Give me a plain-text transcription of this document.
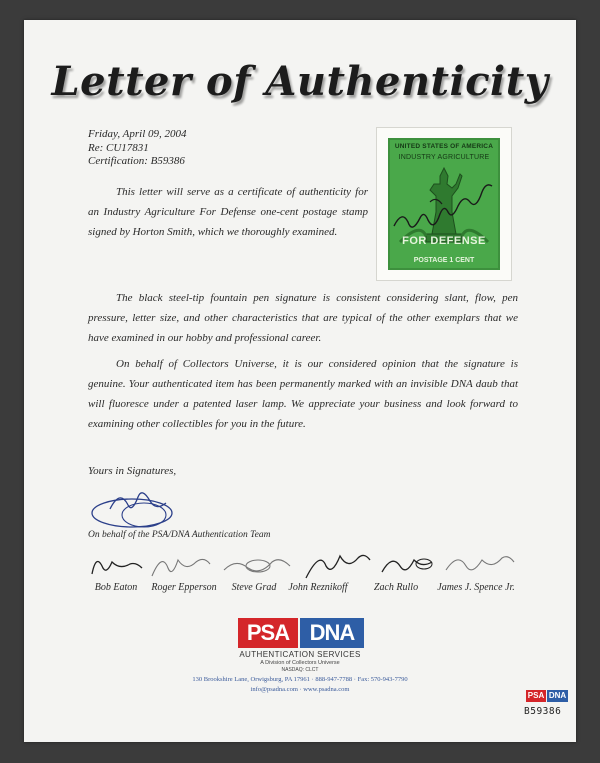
Letter of Authenticity
Friday, April 09, 2004
Re: CU17831
Certification: B59386
UNITED STATES OF AMERICA
INDUSTRY AGRICULTURE
FOR DEFENSE
POSTAGE 1 CENT
This letter will serve as a certificate of authenticity for an Industry Agriculture For Defense one-cent postage stamp signed by Horton Smith, which we thoroughly examined.
The black steel-tip fountain pen signature is consistent considering slant, flow, pen pressure, letter size, and other characteristics that are typical of the other exemplars that we have examined in our hobby and professional career.
On behalf of Collectors Universe, it is our considered opinion that the signature is genuine. Your authenticated item has been permanently marked with an invisible DNA daub that will fluoresce under a patented laser lamp. We appreciate your business and look forward to examining other collectibles for you in the future.
Yours in Signatures,
On behalf of the PSA/DNA Authentication Team
Bob Eaton Roger Epperson Steve Grad John Reznikoff	Zach Rullo James J. Spence Jr.
PSA DNA
AUTHENTICATION SERVICES
A Division of Collectors Universe
NASDAQ: CLCT
130 Brookshire Lane, Orwigsburg, PA 17961 · 888-947-7788 · Fax: 570-943-7790
info@psadna.com · www.psadna.com
PSA DNA
B59386
